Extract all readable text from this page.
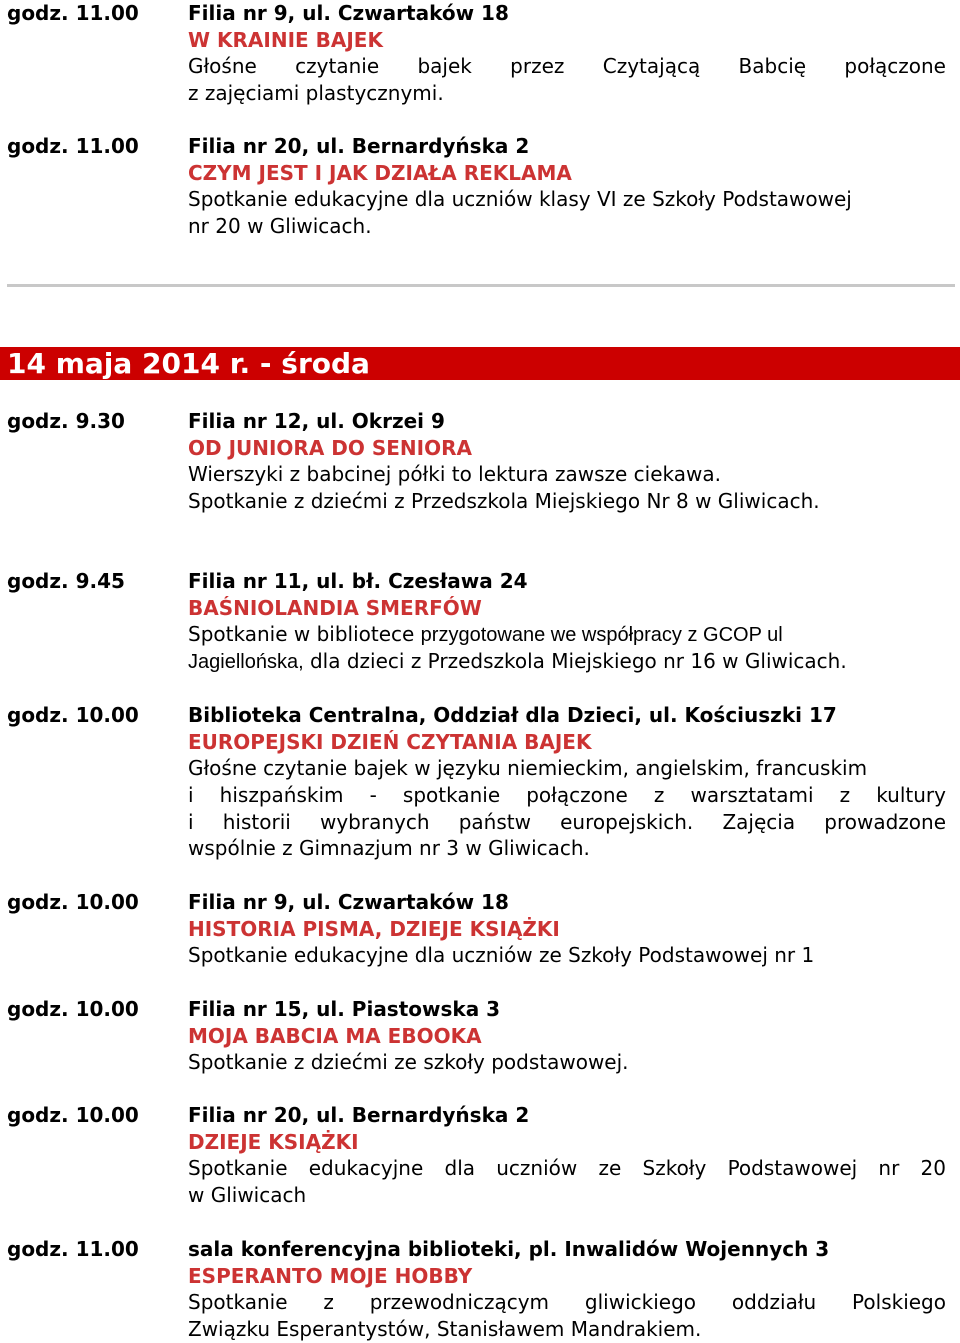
godz. 11.00 Filia nr 9, ul. Czwartaków 18
W KRAINIE BAJEK
Głośne czytanie bajek przez Czytającą Babcię połączone
z zajęciami plastycznymi.
godz. 11.00 Filia nr 20, ul. Bernardyńska 2
CZYM JEST I JAK DZIAŁA REKLAMA
Spotkanie edukacyjne dla uczniów klasy VI ze Szkoły Podstawowej
nr 20 w Gliwicach.
14 maja 2014 r. - środa
godz. 9.30	Filia nr 12, ul. Okrzei 9
OD JUNIORA DO SENIORA
Wierszyki z babcinej półki to lektura zawsze ciekawa.
Spotkanie z dziećmi z Przedszkola Miejskiego Nr 8 w Gliwicach.
godz. 9.45	Filia nr 11, ul. bł. Czesława 24
BAŚNIOLANDIA SMERFÓW
Spotkanie w bibliotece przygotowane we współpracy z GCOP ul
Jagiellońska, dla dzieci z Przedszkola Miejskiego nr 16 w Gliwicach.
godz. 10.00 Biblioteka Centralna, Oddział dla Dzieci, ul. Kościuszki 17
EUROPEJSKI DZIEŃ CZYTANIA BAJEK
Głośne czytanie bajek w języku niemieckim, angielskim, francuskim
i hiszpańskim - spotkanie połączone z warsztatami z kultury
i historii wybranych państw europejskich. Zajęcia prowadzone
wspólnie z Gimnazjum nr 3 w Gliwicach.
godz. 10.00 Filia nr 9, ul. Czwartaków 18
HISTORIA PISMA, DZIEJE KSIĄŻKI
Spotkanie edukacyjne dla uczniów ze Szkoły Podstawowej nr 1
godz. 10.00 Filia nr 15, ul. Piastowska 3
MOJA BABCIA MA EBOOKA
Spotkanie z dziećmi ze szkoły podstawowej.
godz. 10.00 Filia nr 20, ul. Bernardyńska 2
DZIEJE KSIĄŻKI
Spotkanie edukacyjne dla uczniów ze Szkoły Podstawowej nr 20
w Gliwicach
godz. 11.00 sala konferencyjna biblioteki, pl. Inwalidów Wojennych 3
ESPERANTO MOJE HOBBY
Spotkanie z przewodniczącym gliwickiego oddziału Polskiego
Związku Esperantystów, Stanisławem Mandrakiem.
